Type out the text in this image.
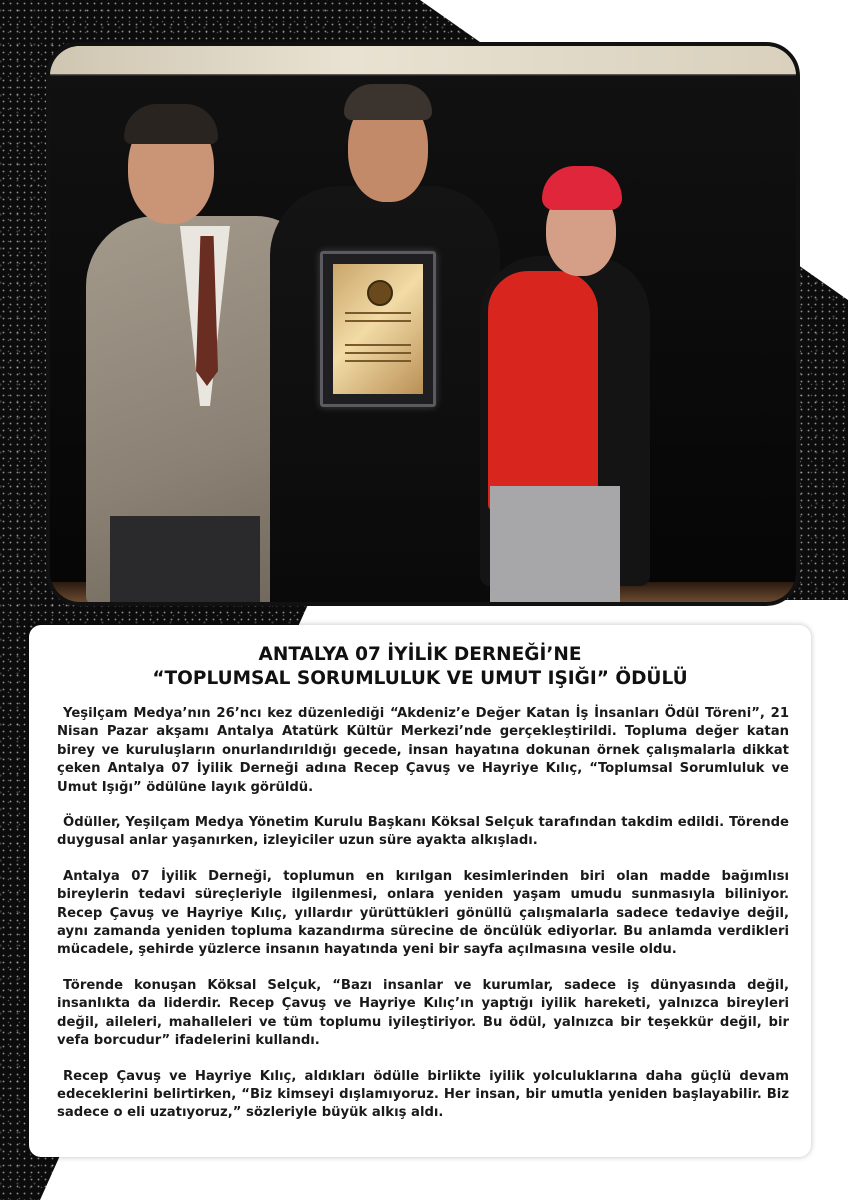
ANTALYA 07 İYİLİK DERNEĞİ’NE
“TOPLUMSAL SORUMLULUK VE UMUT IŞIĞI” ÖDÜLÜ

Yeşilçam Medya’nın 26’ncı kez düzenlediği “Akdeniz’e Değer Katan İş İnsanları Ödül Töreni”, 21 Nisan Pazar akşamı Antalya Atatürk Kültür Merkezi’nde gerçekleştirildi. Topluma değer katan birey ve kuruluşların onurlandırıldığı gecede, insan hayatına dokunan örnek çalışmalarla dikkat çeken Antalya 07 İyilik Derneği adına Recep Çavuş ve Hayriye Kılıç, “Toplumsal Sorumluluk ve Umut Işığı” ödülüne layık görüldü.

Ödüller, Yeşilçam Medya Yönetim Kurulu Başkanı Köksal Selçuk tarafından takdim edildi. Törende duygusal anlar yaşanırken, izleyiciler uzun süre ayakta alkışladı.

Antalya 07 İyilik Derneği, toplumun en kırılgan kesimlerinden biri olan madde bağımlısı bireylerin tedavi süreçleriyle ilgilenmesi, onlara yeniden yaşam umudu sunmasıyla biliniyor. Recep Çavuş ve Hayriye Kılıç, yıllardır yürüttükleri gönüllü çalışmalarla sadece tedaviye değil, aynı zamanda yeniden topluma kazandırma sürecine de öncülük ediyorlar. Bu anlamda verdikleri mücadele, şehirde yüzlerce insanın hayatında yeni bir sayfa açılmasına vesile oldu.

Törende konuşan Köksal Selçuk, “Bazı insanlar ve kurumlar, sadece iş dünyasında değil, insanlıkta da liderdir. Recep Çavuş ve Hayriye Kılıç’ın yaptığı iyilik hareketi, yalnızca bireyleri değil, aileleri, mahalleleri ve tüm toplumu iyileştiriyor. Bu ödül, yalnızca bir teşekkür değil, bir vefa borcudur” ifadelerini kullandı.

Recep Çavuş ve Hayriye Kılıç, aldıkları ödülle birlikte iyilik yolculuklarına daha güçlü devam edeceklerini belirtirken, “Biz kimseyi dışlamıyoruz. Her insan, bir umutla yeniden başlayabilir. Biz sadece o eli uzatıyoruz,” sözleriyle büyük alkış aldı.
